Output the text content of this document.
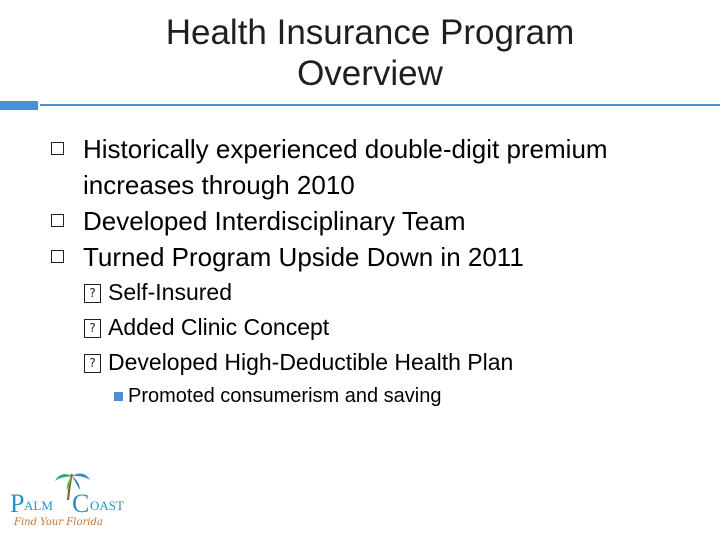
Health Insurance Program
Overview
Historically experienced double-digit premium increases through 2010
Developed Interdisciplinary Team
Turned Program Upside Down in 2011
? Self-Insured
? Added Clinic Concept
? Developed High-Deductible Health Plan
Promoted consumerism and saving
P ALM C OAST
Find Your Florida
